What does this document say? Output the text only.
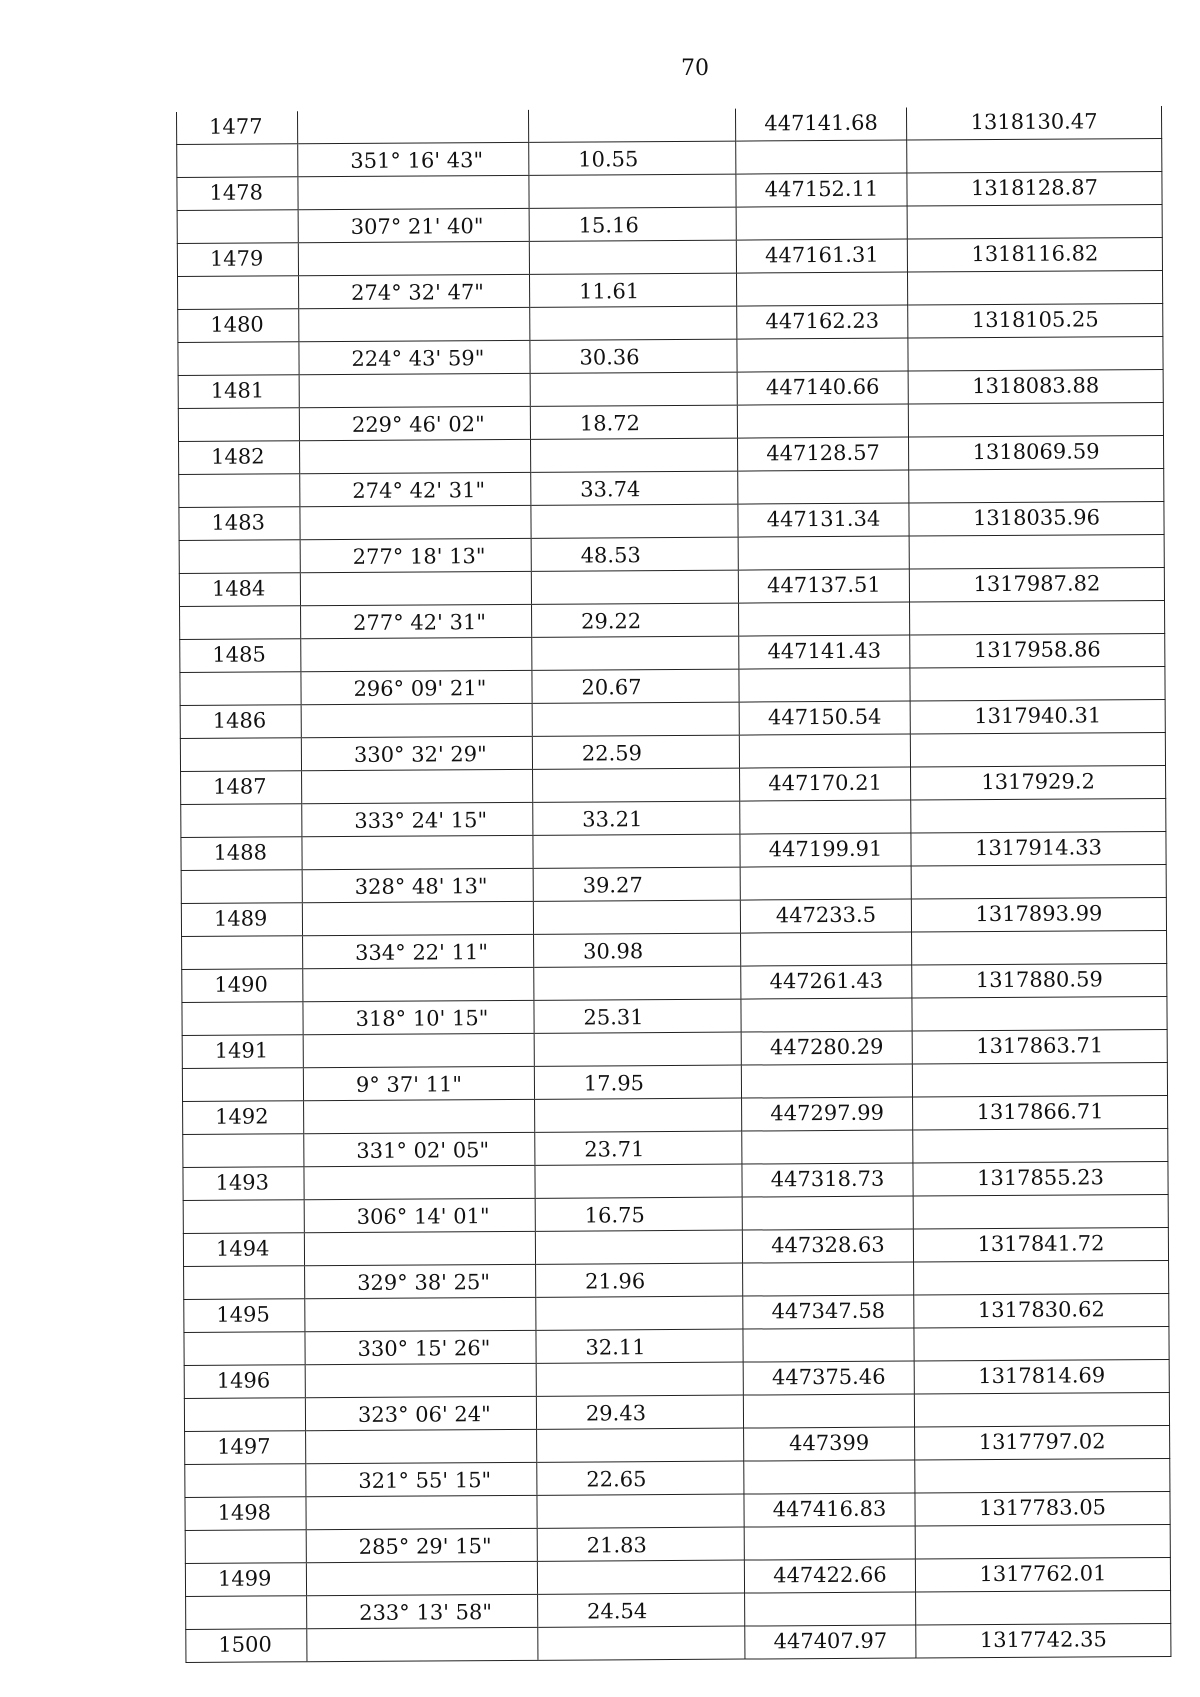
70
1477			447141.68	1318130.47
	351° 16' 43"	10.55		
1478			447152.11	1318128.87
	307° 21' 40"	15.16		
1479			447161.31	1318116.82
	274° 32' 47"	11.61		
1480			447162.23	1318105.25
	224° 43' 59"	30.36		
1481			447140.66	1318083.88
	229° 46' 02"	18.72		
1482			447128.57	1318069.59
	274° 42' 31"	33.74		
1483			447131.34	1318035.96
	277° 18' 13"	48.53		
1484			447137.51	1317987.82
	277° 42' 31"	29.22		
1485			447141.43	1317958.86
	296° 09' 21"	20.67		
1486			447150.54	1317940.31
	330° 32' 29"	22.59		
1487			447170.21	1317929.2
	333° 24' 15"	33.21		
1488			447199.91	1317914.33
	328° 48' 13"	39.27		
1489			447233.5	1317893.99
	334° 22' 11"	30.98		
1490			447261.43	1317880.59
	318° 10' 15"	25.31		
1491			447280.29	1317863.71
	9° 37' 11"	17.95		
1492			447297.99	1317866.71
	331° 02' 05"	23.71		
1493			447318.73	1317855.23
	306° 14' 01"	16.75		
1494			447328.63	1317841.72
	329° 38' 25"	21.96		
1495			447347.58	1317830.62
	330° 15' 26"	32.11		
1496			447375.46	1317814.69
	323° 06' 24"	29.43		
1497			447399	1317797.02
	321° 55' 15"	22.65		
1498			447416.83	1317783.05
	285° 29' 15"	21.83		
1499			447422.66	1317762.01
	233° 13' 58"	24.54		
1500			447407.97	1317742.35
